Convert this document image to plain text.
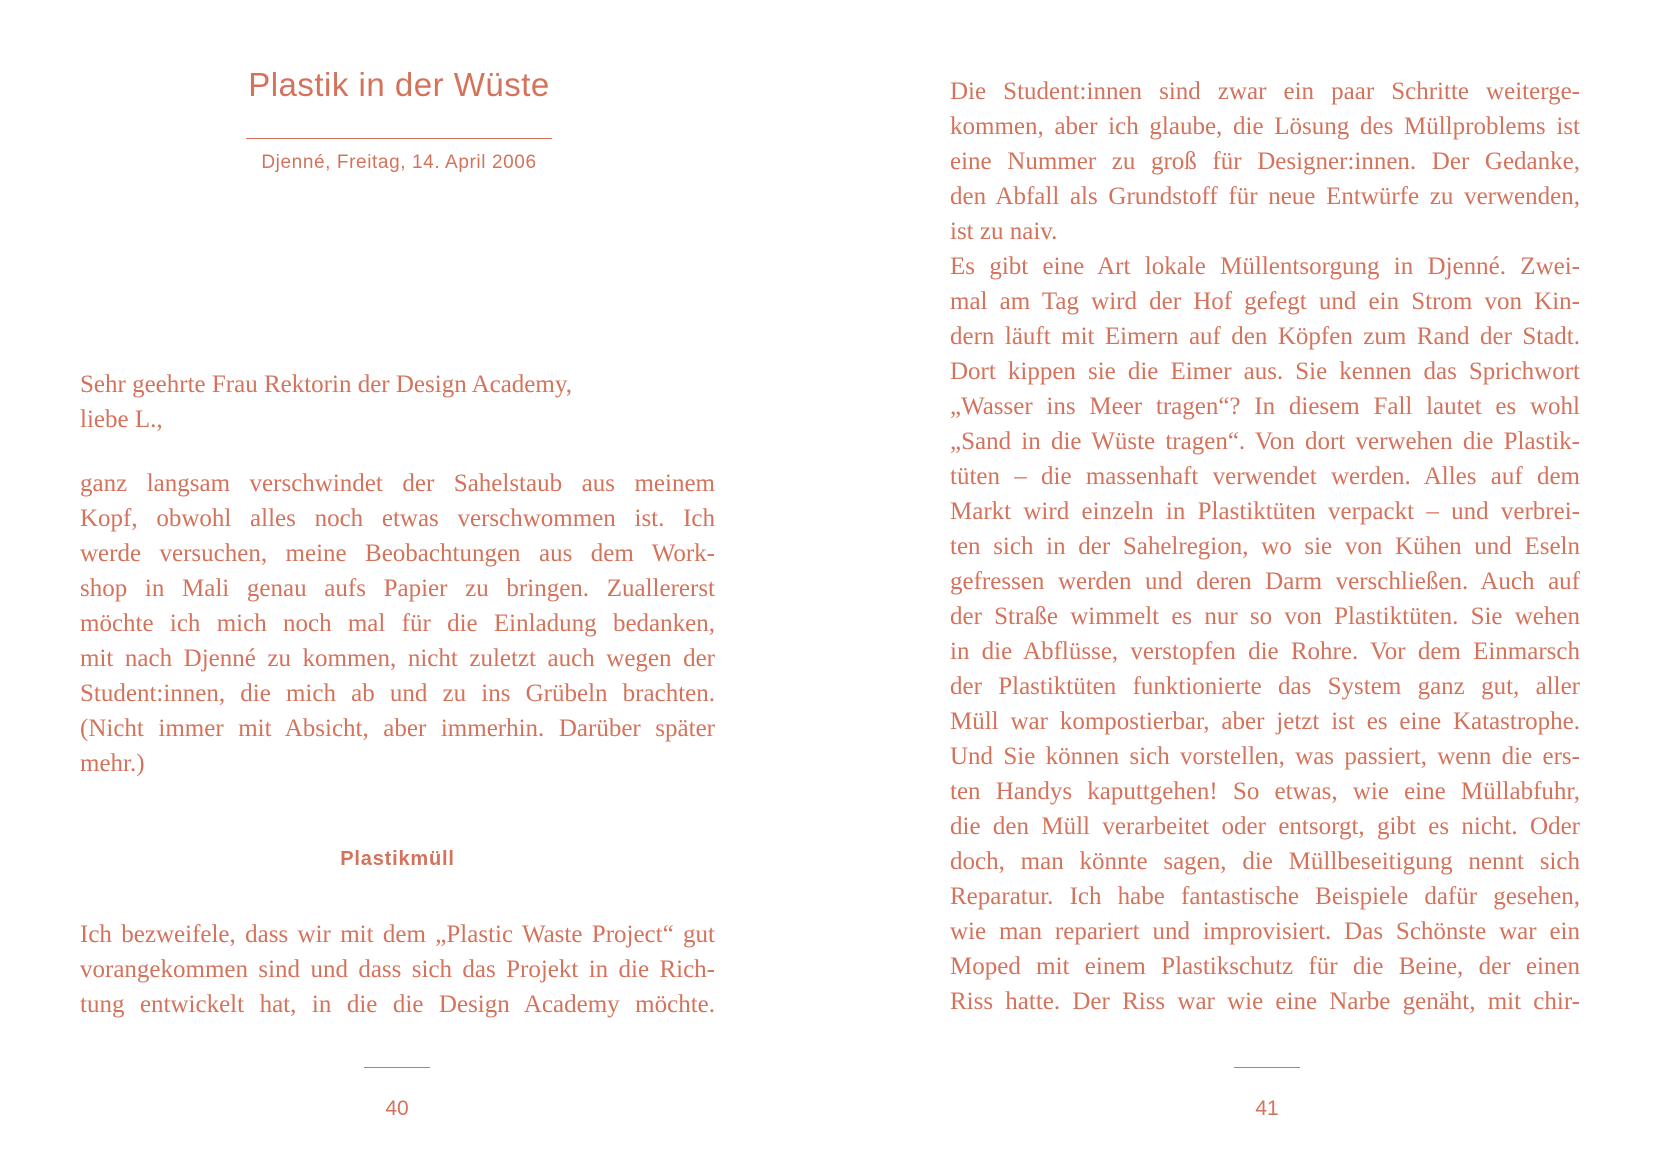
Plastik in der Wüste
Djenné, Freitag, 14. April 2006
Sehr geehrte Frau Rektorin der Design Academy,
liebe L.,
ganz langsam verschwindet der Sahelstaub aus meinem
Kopf, obwohl alles noch etwas verschwommen ist. Ich
werde versuchen, meine Beobachtungen aus dem Work-
shop in Mali genau aufs Papier zu bringen. Zuallererst
möchte ich mich noch mal für die Einladung bedanken,
mit nach Djenné zu kommen, nicht zuletzt auch wegen der
Student:innen, die mich ab und zu ins Grübeln brachten.
(Nicht immer mit Absicht, aber immerhin. Darüber später
mehr.)
Plastikmüll
Ich bezweifele, dass wir mit dem „Plastic Waste Project“ gut
vorangekommen sind und dass sich das Projekt in die Rich-
tung entwickelt hat, in die die Design Academy möchte.
40
Die Student:innen sind zwar ein paar Schritte weiterge-
kommen, aber ich glaube, die Lösung des Müllproblems ist
eine Nummer zu groß für Designer:innen. Der Gedanke,
den Abfall als Grundstoff für neue Entwürfe zu verwenden,
ist zu naiv.
Es gibt eine Art lokale Müllentsorgung in Djenné. Zwei-
mal am Tag wird der Hof gefegt und ein Strom von Kin-
dern läuft mit Eimern auf den Köpfen zum Rand der Stadt.
Dort kippen sie die Eimer aus. Sie kennen das Sprichwort
„Wasser ins Meer tragen“? In diesem Fall lautet es wohl
„Sand in die Wüste tragen“. Von dort verwehen die Plastik-
tüten – die massenhaft verwendet werden. Alles auf dem
Markt wird einzeln in Plastiktüten verpackt – und verbrei-
ten sich in der Sahelregion, wo sie von Kühen und Eseln
gefressen werden und deren Darm verschließen. Auch auf
der Straße wimmelt es nur so von Plastiktüten. Sie wehen
in die Abflüsse, verstopfen die Rohre. Vor dem Einmarsch
der Plastiktüten funktionierte das System ganz gut, aller
Müll war kompostierbar, aber jetzt ist es eine Katastrophe.
Und Sie können sich vorstellen, was passiert, wenn die ers-
ten Handys kaputtgehen! So etwas, wie eine Müllabfuhr,
die den Müll verarbeitet oder entsorgt, gibt es nicht. Oder
doch, man könnte sagen, die Müllbeseitigung nennt sich
Reparatur. Ich habe fantastische Beispiele dafür gesehen,
wie man repariert und improvisiert. Das Schönste war ein
Moped mit einem Plastikschutz für die Beine, der einen
Riss hatte. Der Riss war wie eine Narbe genäht, mit chir-
41
